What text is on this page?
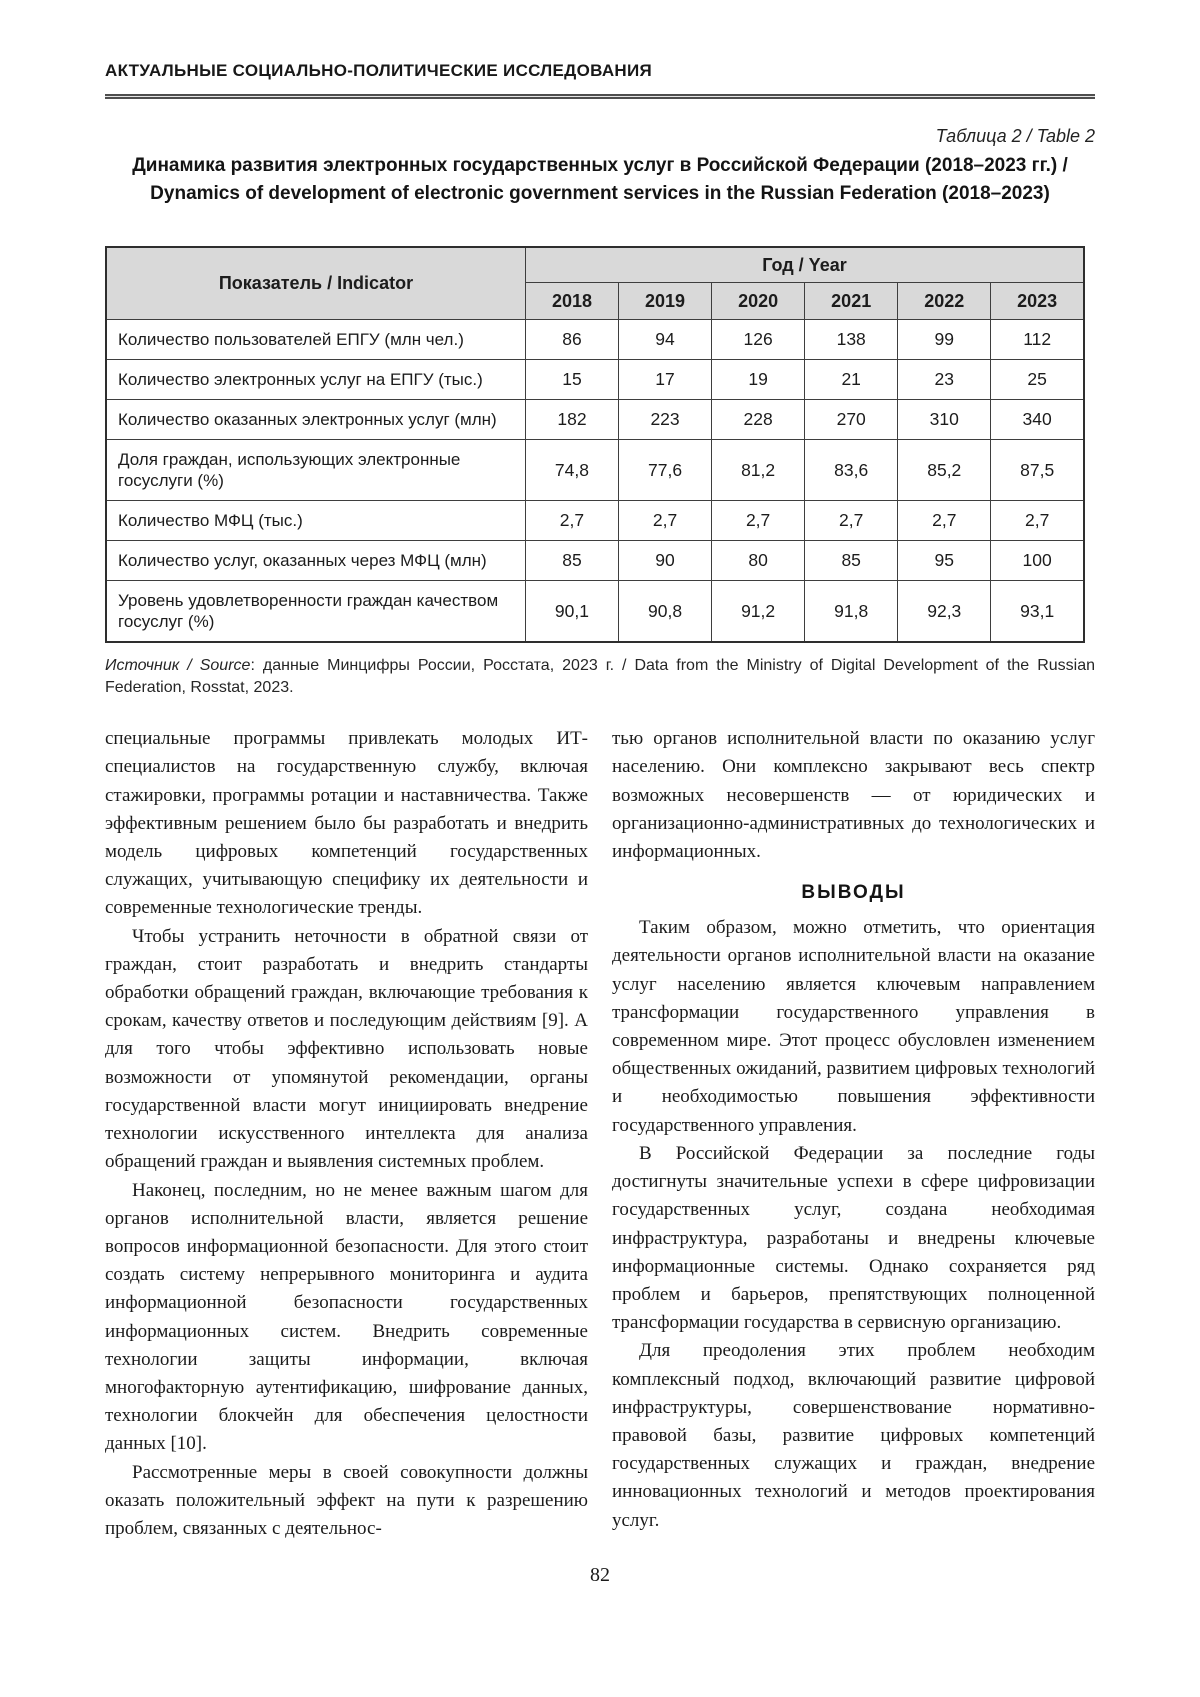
АКТУАЛЬНЫЕ СОЦИАЛЬНО-ПОЛИТИЧЕСКИЕ ИССЛЕДОВАНИЯ
Таблица 2 / Table 2
Динамика развития электронных государственных услуг в Российской Федерации (2018–2023 гг.) /
Dynamics of development of electronic government services in the Russian Federation (2018–2023)
Показатель / Indicator	Год / Year					
	2018	2019	2020	2021	2022	2023
Количество пользователей ЕПГУ (млн чел.)	86	94	126	138	99	112
Количество электронных услуг на ЕПГУ (тыс.)	15	17	19	21	23	25
Количество оказанных электронных услуг (млн)	182	223	228	270	310	340
Доля граждан, использующих электронные госуслуги (%)	74,8	77,6	81,2	83,6	85,2	87,5
Количество МФЦ (тыс.)	2,7	2,7	2,7	2,7	2,7	2,7
Количество услуг, оказанных через МФЦ (млн)	85	90	80	85	95	100
Уровень удовлетворенности граждан качеством госуслуг (%)	90,1	90,8	91,2	91,8	92,3	93,1

Источник / Source: данные Минцифры России, Росстата, 2023 г. / Data from the Ministry of Digital Development of the Russian Federation, Rosstat, 2023.

специальные программы привлекать молодых ИТ-специалистов на государственную службу, включая стажировки, программы ротации и наставничества. Также эффективным решением было бы разработать и внедрить модель цифровых компетенций государственных служащих, учитывающую специфику их деятельности и современные технологические тренды.

Чтобы устранить неточности в обратной связи от граждан, стоит разработать и внедрить стандарты обработки обращений граждан, включающие требования к срокам, качеству ответов и последующим действиям [9]. А для того чтобы эффективно использовать новые возможности от упомянутой рекомендации, органы государственной власти могут инициировать внедрение технологии искусственного интеллекта для анализа обращений граждан и выявления системных проблем.

Наконец, последним, но не менее важным шагом для органов исполнительной власти, является решение вопросов информационной безопасности. Для этого стоит создать систему непрерывного мониторинга и аудита информационной безопасности государственных информационных систем. Внедрить современные технологии защиты информации, включая многофакторную аутентификацию, шифрование данных, технологии блокчейн для обеспечения целостности данных [10].

Рассмотренные меры в своей совокупности должны оказать положительный эффект на пути к разрешению проблем, связанных с деятельнос-

тью органов исполнительной власти по оказанию услуг населению. Они комплексно закрывают весь спектр возможных несовершенств — от юридических и организационно-административных до технологических и информационных.

ВЫВОДЫ

Таким образом, можно отметить, что ориентация деятельности органов исполнительной власти на оказание услуг населению является ключевым направлением трансформации государственного управления в современном мире. Этот процесс обусловлен изменением общественных ожиданий, развитием цифровых технологий и необходимостью повышения эффективности государственного управления.

В Российской Федерации за последние годы достигнуты значительные успехи в сфере цифровизации государственных услуг, создана необходимая инфраструктура, разработаны и внедрены ключевые информационные системы. Однако сохраняется ряд проблем и барьеров, препятствующих полноценной трансформации государства в сервисную организацию.

Для преодоления этих проблем необходим комплексный подход, включающий развитие цифровой инфраструктуры, совершенствование нормативно-правовой базы, развитие цифровых компетенций государственных служащих и граждан, внедрение инновационных технологий и методов проектирования услуг.

82
